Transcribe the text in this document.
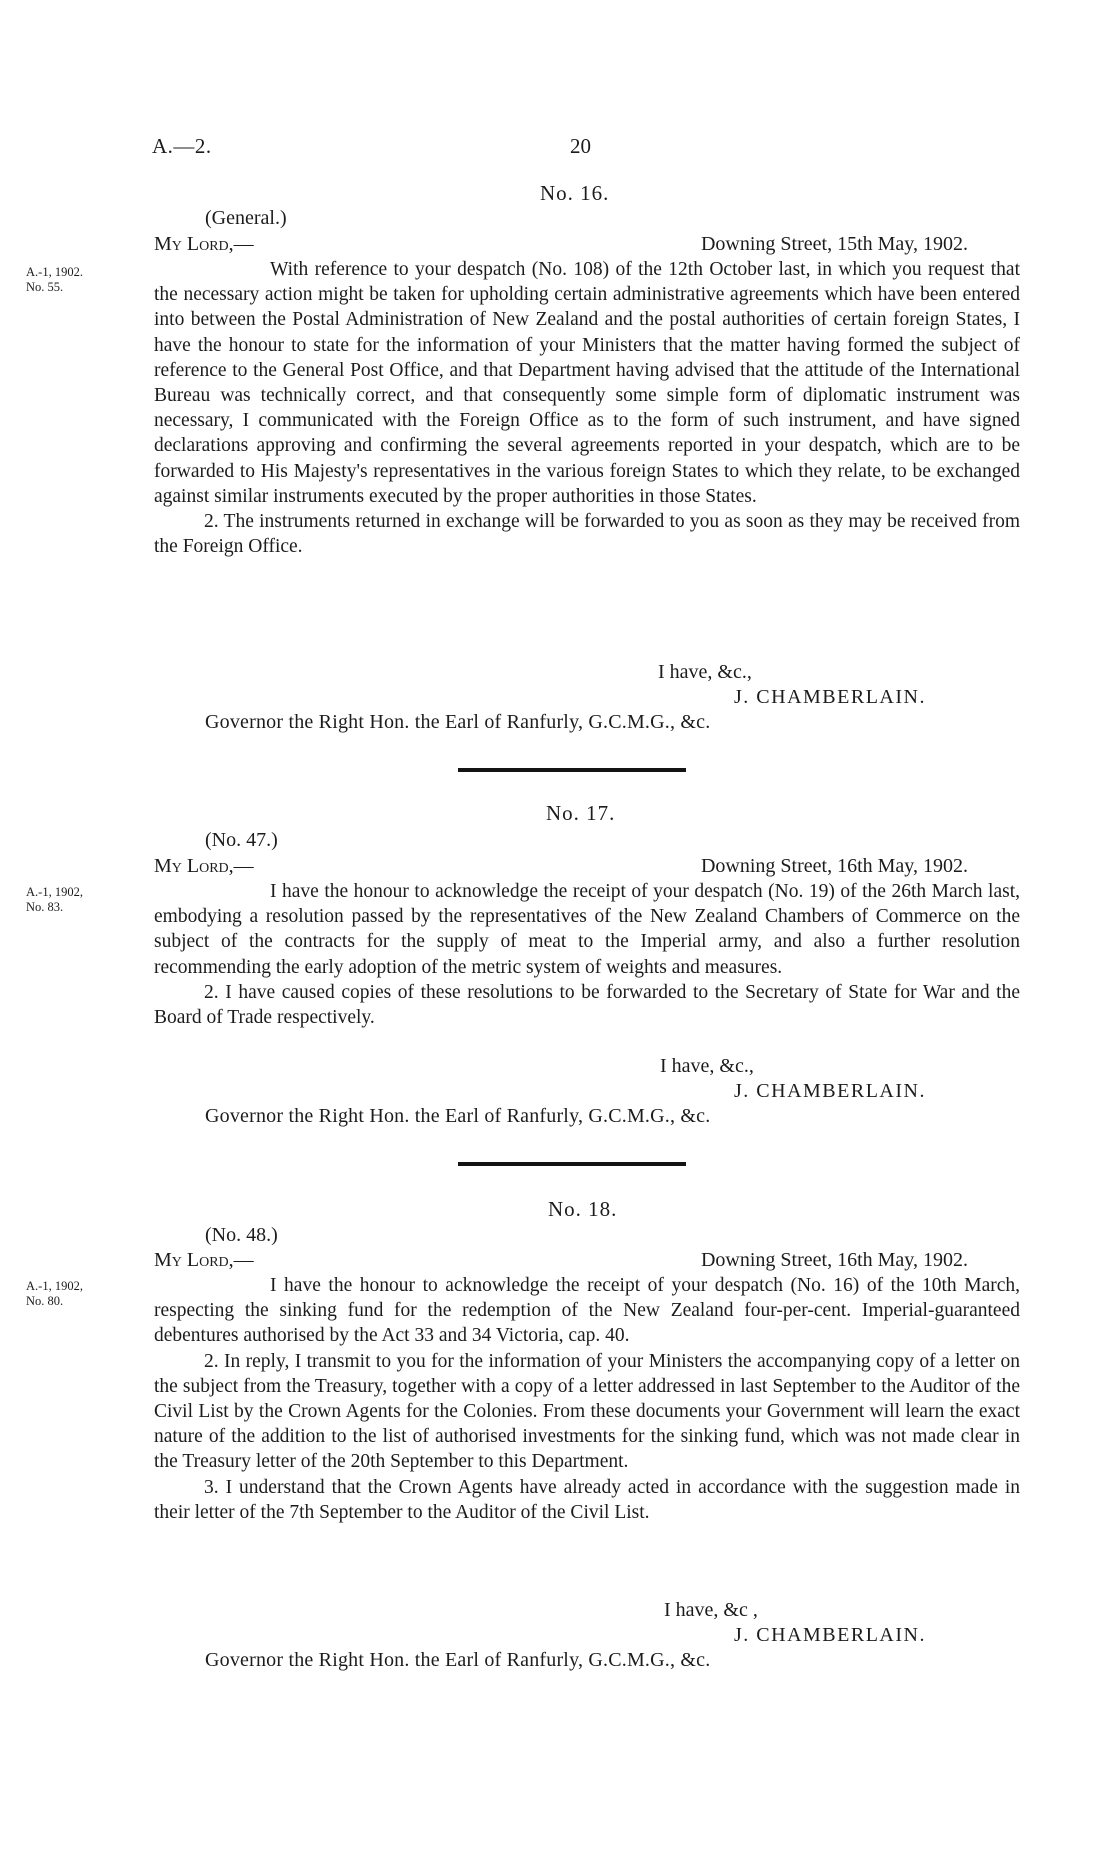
A.—2.	20
No. 16.
(General.)
My Lord,—	Downing Street, 15th May, 1902.
A.-1, 1902.
No. 55.

With reference to your despatch (No. 108) of the 12th October last, in which you request that the necessary action might be taken for upholding certain administrative agreements which have been entered into between the Postal Administration of New Zealand and the postal authorities of certain foreign States, I have the honour to state for the information of your Ministers that the matter having formed the subject of reference to the General Post Office, and that Department having advised that the attitude of the International Bureau was technically correct, and that consequently some simple form of diplomatic instrument was necessary, I communicated with the Foreign Office as to the form of such instrument, and have signed declarations approving and confirming the several agreements reported in your despatch, which are to be forwarded to His Majesty's representatives in the various foreign States to which they relate, to be exchanged against similar instruments executed by the proper authorities in those States.

2. The instruments returned in exchange will be forwarded to you as soon as they may be received from the Foreign Office.

I have, &c.,
J. CHAMBERLAIN.
Governor the Right Hon. the Earl of Ranfurly, G.C.M.G., &c.
No. 17.
(No. 47.)
My Lord,—	Downing Street, 16th May, 1902.
A.-1, 1902,
No. 83.

I have the honour to acknowledge the receipt of your despatch (No. 19) of the 26th March last, embodying a resolution passed by the representatives of the New Zealand Chambers of Commerce on the subject of the contracts for the supply of meat to the Imperial army, and also a further resolution recommending the early adoption of the metric system of weights and measures.

2. I have caused copies of these resolutions to be forwarded to the Secretary of State for War and the Board of Trade respectively.

I have, &c.,
J. CHAMBERLAIN.
Governor the Right Hon. the Earl of Ranfurly, G.C.M.G., &c.
No. 18.
(No. 48.)
My Lord,—	Downing Street, 16th May, 1902.
A.-1, 1902,
No. 80.

I have the honour to acknowledge the receipt of your despatch (No. 16) of the 10th March, respecting the sinking fund for the redemption of the New Zealand four-per-cent. Imperial-guaranteed debentures authorised by the Act 33 and 34 Victoria, cap. 40.

2. In reply, I transmit to you for the information of your Ministers the accompanying copy of a letter on the subject from the Treasury, together with a copy of a letter addressed in last September to the Auditor of the Civil List by the Crown Agents for the Colonies. From these documents your Government will learn the exact nature of the addition to the list of authorised investments for the sinking fund, which was not made clear in the Treasury letter of the 20th September to this Department.

3. I understand that the Crown Agents have already acted in accordance with the suggestion made in their letter of the 7th September to the Auditor of the Civil List.

I have, &c ,
J. CHAMBERLAIN.
Governor the Right Hon. the Earl of Ranfurly, G.C.M.G., &c.
